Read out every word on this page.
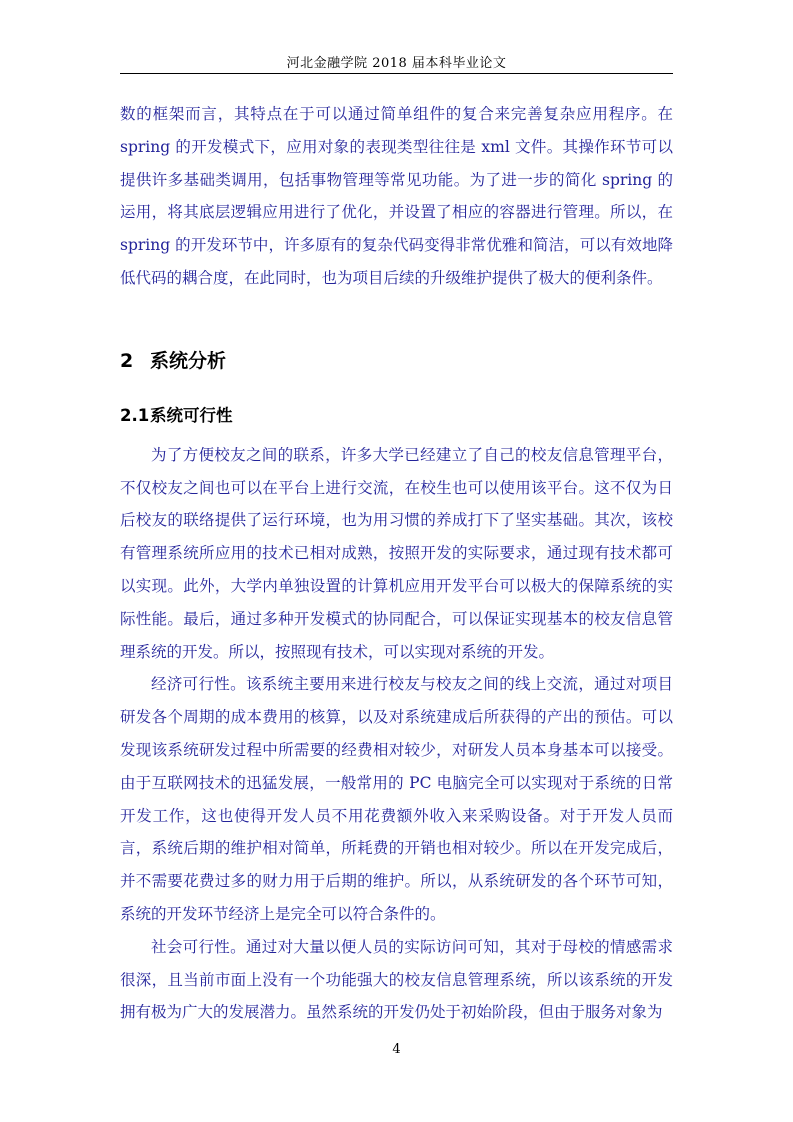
河北金融学院 2018 届本科毕业论文

数的框架而言，其特点在于可以通过简单组件的复合来完善复杂应用程序。在spring 的开发模式下，应用对象的表现类型往往是 xml 文件。其操作环节可以提供许多基础类调用，包括事物管理等常见功能。为了进一步的简化 spring 的运用，将其底层逻辑应用进行了优化，并设置了相应的容器进行管理。所以，在spring 的开发环节中，许多原有的复杂代码变得非常优雅和简洁，可以有效地降低代码的耦合度，在此同时，也为项目后续的升级维护提供了极大的便利条件。

2 系统分析
2.1系统可行性

为了方便校友之间的联系，许多大学已经建立了自己的校友信息管理平台，不仅校友之间也可以在平台上进行交流，在校生也可以使用该平台。这不仅为日后校友的联络提供了运行环境，也为用习惯的养成打下了坚实基础。其次，该校有管理系统所应用的技术已相对成熟，按照开发的实际要求，通过现有技术都可以实现。此外，大学内单独设置的计算机应用开发平台可以极大的保障系统的实际性能。最后，通过多种开发模式的协同配合，可以保证实现基本的校友信息管理系统的开发。所以，按照现有技术，可以实现对系统的开发。

经济可行性。该系统主要用来进行校友与校友之间的线上交流，通过对项目研发各个周期的成本费用的核算，以及对系统建成后所获得的产出的预估。可以发现该系统研发过程中所需要的经费相对较少，对研发人员本身基本可以接受。由于互联网技术的迅猛发展，一般常用的 PC 电脑完全可以实现对于系统的日常开发工作，这也使得开发人员不用花费额外收入来采购设备。对于开发人员而言，系统后期的维护相对简单，所耗费的开销也相对较少。所以在开发完成后，并不需要花费过多的财力用于后期的维护。所以，从系统研发的各个环节可知，系统的开发环节经济上是完全可以符合条件的。

社会可行性。通过对大量以便人员的实际访问可知，其对于母校的情感需求很深，且当前市面上没有一个功能强大的校友信息管理系统，所以该系统的开发拥有极为广大的发展潜力。虽然系统的开发仍处于初始阶段，但由于服务对象为

4
